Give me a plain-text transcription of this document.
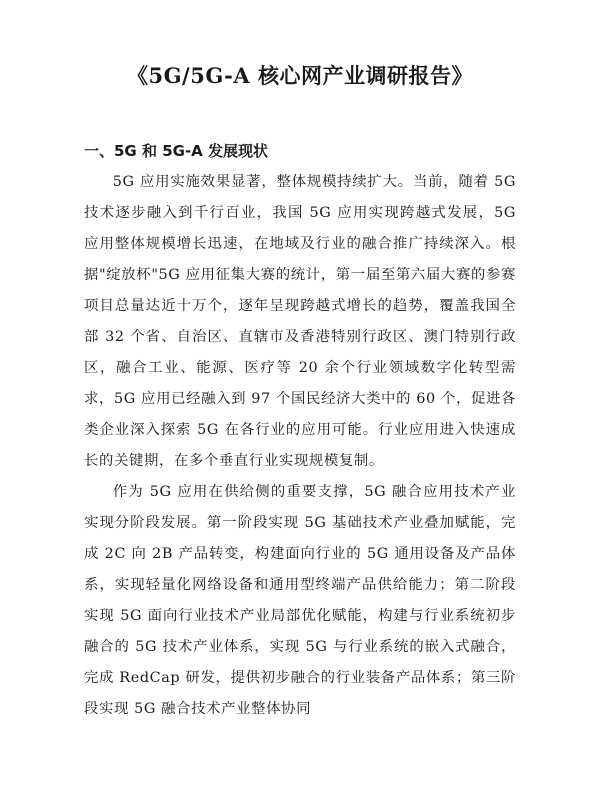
《5G/5G-A 核心网产业调研报告》
一、5G 和 5G-A 发展现状

5G 应用实施效果显著，整体规模持续扩大。当前，随着 5G 技术逐步融入到千行百业，我国 5G 应用实现跨越式发展，5G 应用整体规模增长迅速，在地域及行业的融合推广持续深入。根据"绽放杯"5G 应用征集大赛的统计，第一届至第六届大赛的参赛项目总量达近十万个，逐年呈现跨越式增长的趋势，覆盖我国全部 32 个省、自治区、直辖市及香港特别行政区、澳门特别行政区，融合工业、能源、医疗等 20 余个行业领域数字化转型需求，5G 应用已经融入到 97 个国民经济大类中的 60 个，促进各类企业深入探索 5G 在各行业的应用可能。行业应用进入快速成长的关键期，在多个垂直行业实现规模复制。

作为 5G 应用在供给侧的重要支撑，5G 融合应用技术产业实现分阶段发展。第一阶段实现 5G 基础技术产业叠加赋能，完成 2C 向 2B 产品转变，构建面向行业的 5G 通用设备及产品体系，实现轻量化网络设备和通用型终端产品供给能力；第二阶段实现 5G 面向行业技术产业局部优化赋能，构建与行业系统初步融合的 5G 技术产业体系，实现 5G 与行业系统的嵌入式融合，完成 RedCap 研发，提供初步融合的行业装备产品体系；第三阶段实现 5G 融合技术产业整体协同
